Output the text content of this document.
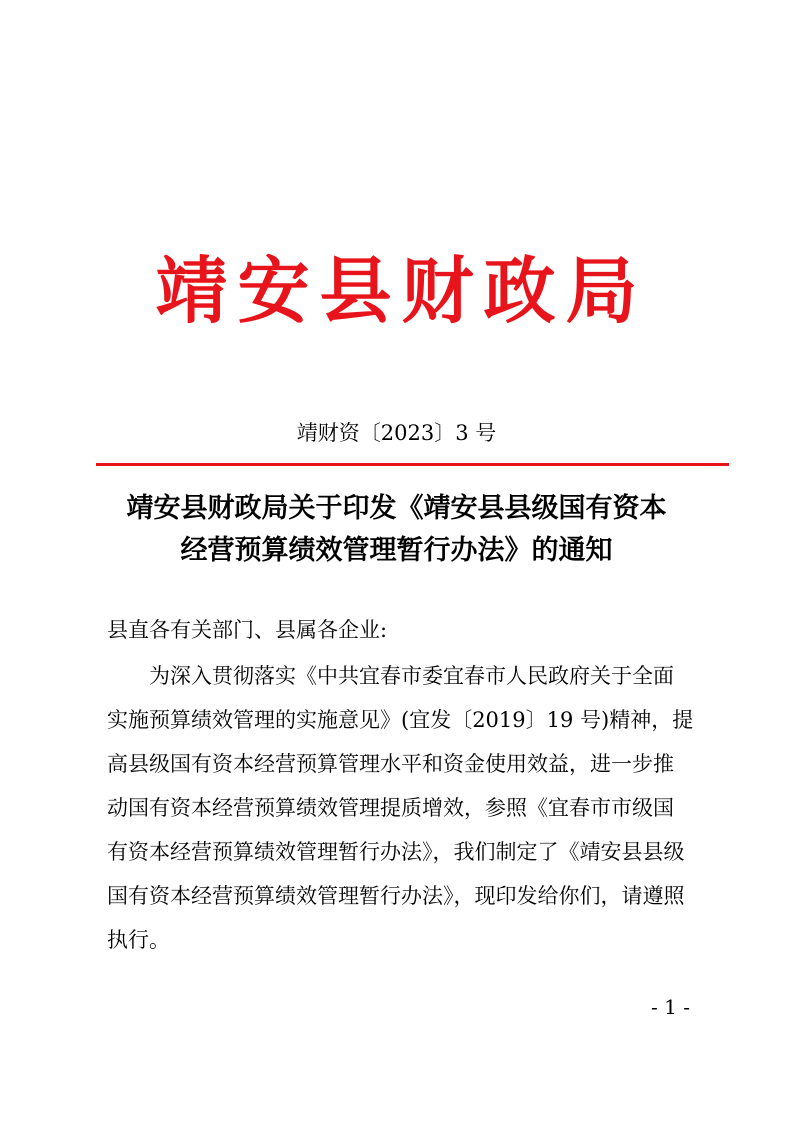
靖安县财政局
靖财资〔2023〕3 号
靖安县财政局关于印发《靖安县县级国有资本
经营预算绩效管理暂行办法》的通知
县直各有关部门、县属各企业:
为深入贯彻落实《中共宜春市委宜春市人民政府关于全面
实施预算绩效管理的实施意见》(宜发〔2019〕19 号)精神，提
高县级国有资本经营预算管理水平和资金使用效益，进一步推
动国有资本经营预算绩效管理提质增效，参照《宜春市市级国
有资本经营预算绩效管理暂行办法》，我们制定了《靖安县县级
国有资本经营预算绩效管理暂行办法》，现印发给你们，请遵照
执行。
- 1 -
